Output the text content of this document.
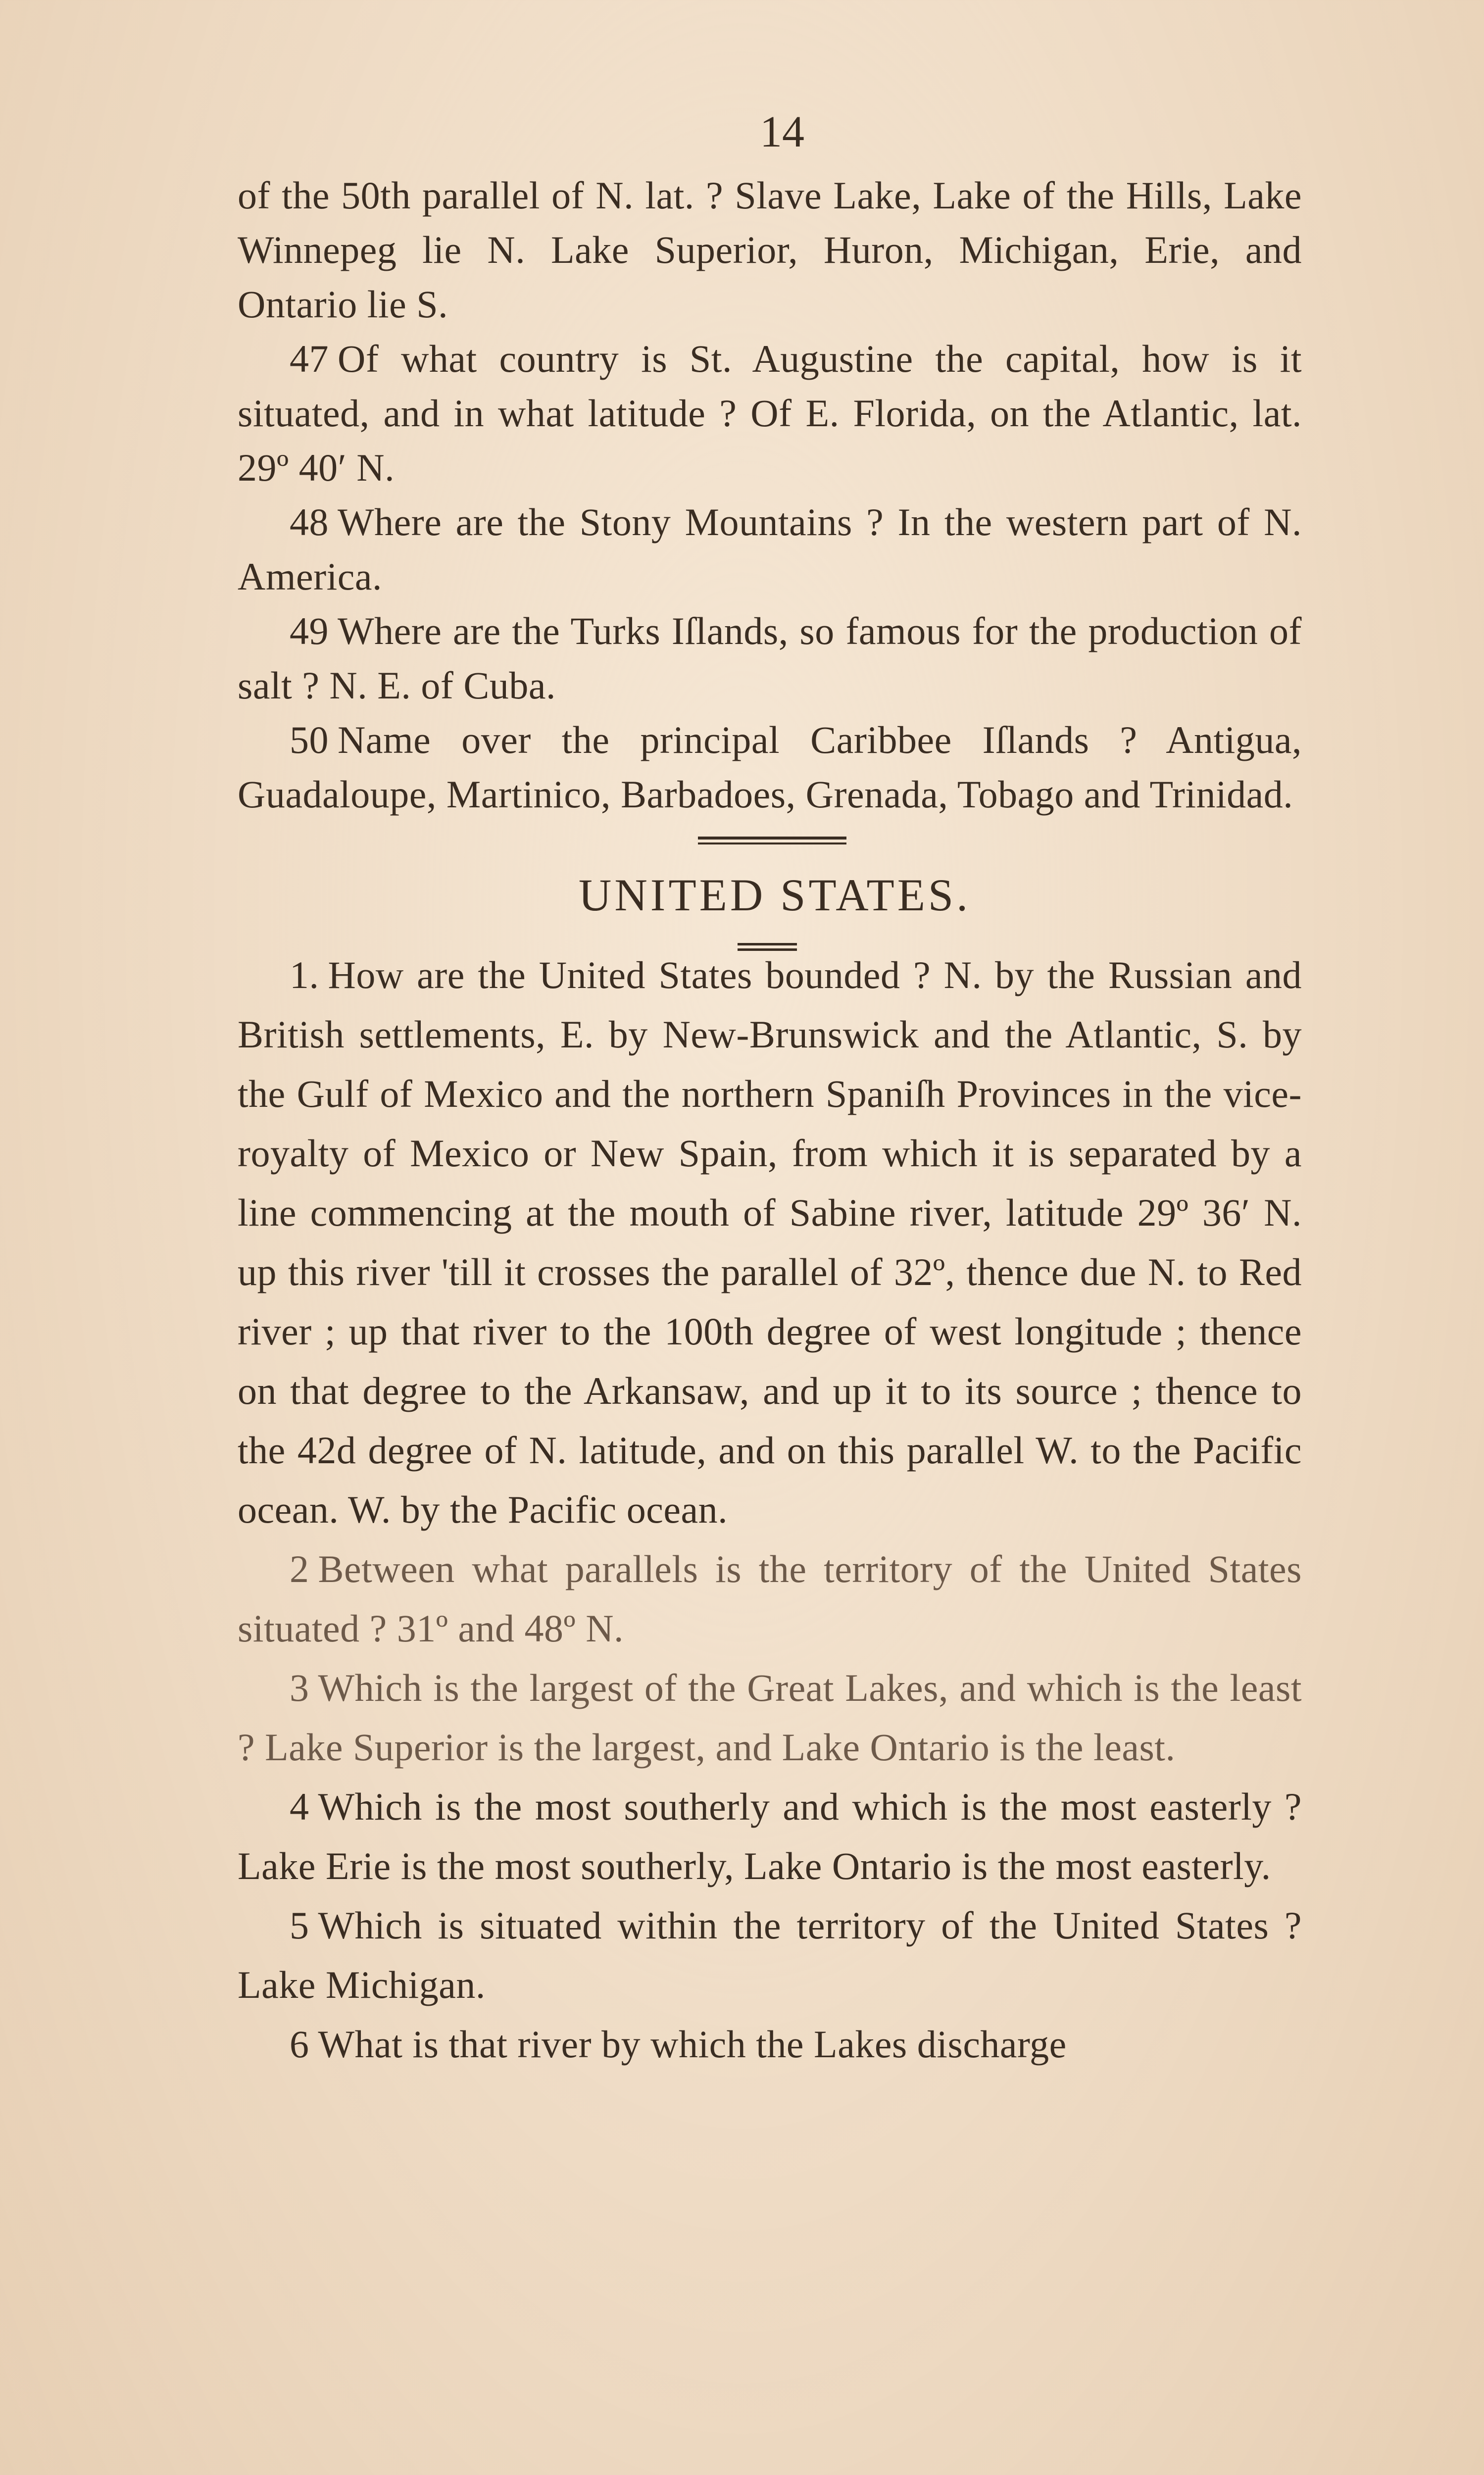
14

of the 50th parallel of N. lat. ? Slave Lake, Lake of the Hills, Lake Winnepeg lie N. Lake Superior, Huron, Michigan, Erie, and Ontario lie S.

47 Of what country is St. Augustine the capital, how is it situated, and in what latitude ? Of E. Florida, on the Atlantic, lat. 29º 40′ N.

48 Where are the Stony Mountains ? In the western part of N. America.

49 Where are the Turks Iſlands, so famous for the production of salt ? N. E. of Cuba.

50 Name over the principal Caribbee Iſlands ? Antigua, Guadaloupe, Martinico, Barbadoes, Grenada, Tobago and Trinidad.

UNITED STATES.

1. How are the United States bounded ? N. by the Russian and British settlements, E. by New-Brunswick and the Atlantic, S. by the Gulf of Mexico and the northern Spaniſh Provinces in the vice-royalty of Mexico or New Spain, from which it is separated by a line commencing at the mouth of Sabine river, latitude 29º 36′ N. up this river 'till it crosses the parallel of 32º, thence due N. to Red river ; up that river to the 100th degree of west longitude ; thence on that degree to the Arkansaw, and up it to its source ; thence to the 42d degree of N. latitude, and on this parallel W. to the Pacific ocean. W. by the Pacific ocean.

2 Between what parallels is the territory of the United States situated ? 31º and 48º N.

3 Which is the largest of the Great Lakes, and which is the least ? Lake Superior is the largest, and Lake Ontario is the least.

4 Which is the most southerly and which is the most easterly ? Lake Erie is the most southerly, Lake Ontario is the most easterly.

5 Which is situated within the territory of the United States ? Lake Michigan.

6 What is that river by which the Lakes discharge
